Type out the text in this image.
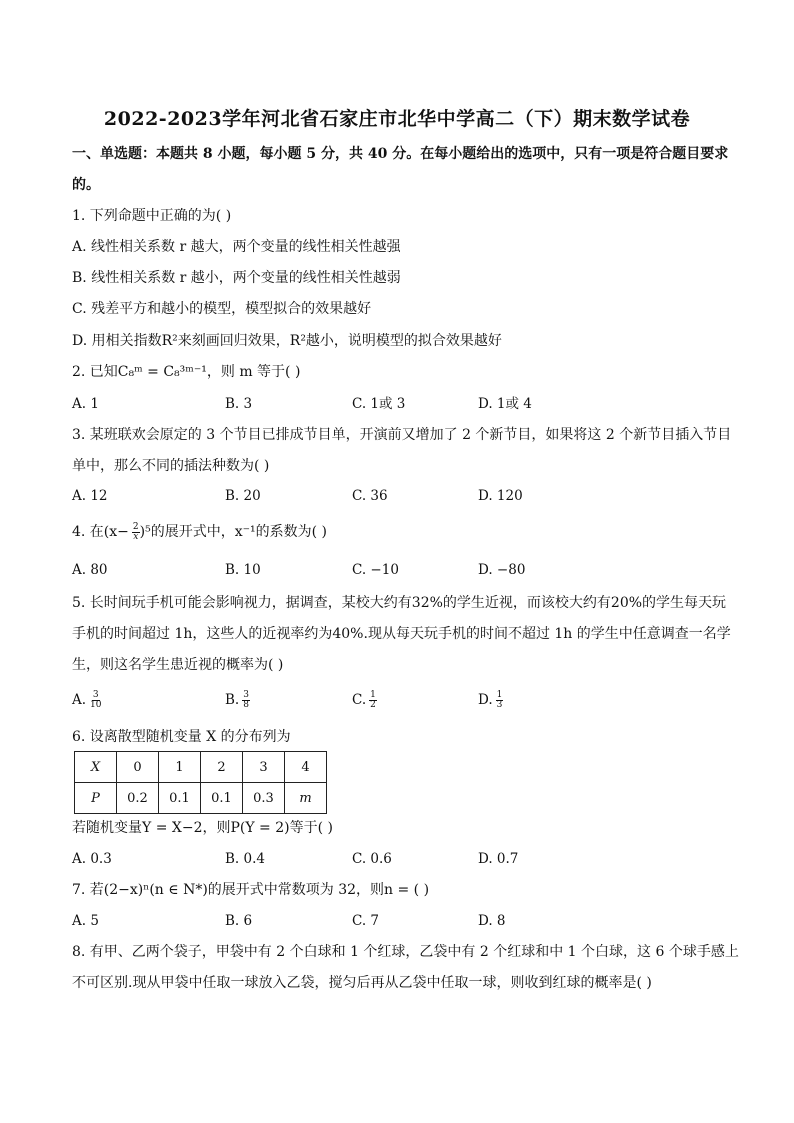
2022-2023学年河北省石家庄市北华中学高二（下）期末数学试卷
一、单选题：本题共 8 小题，每小题 5 分，共 40 分。在每小题给出的选项中，只有一项是符合题目要求
的。
1. 下列命题中正确的为( )
A. 线性相关系数 r 越大，两个变量的线性相关性越强
B. 线性相关系数 r 越小，两个变量的线性相关性越弱
C. 残差平方和越小的模型，模型拟合的效果越好
D. 用相关指数R²来刻画回归效果，R²越小，说明模型的拟合效果越好
2. 已知C₈ᵐ = C₈³ᵐ⁻¹，则 m 等于( )
A. 1	B. 3	C. 1或 3	D. 1或 4
3. 某班联欢会原定的 3 个节目已排成节目单，开演前又增加了 2 个新节目，如果将这 2 个新节目插入节目
单中，那么不同的插法种数为( )
A. 12	B. 20	C. 36	D. 120
4. 在$(x- \frac{2}{x} )^5$的展开式中，x⁻¹的系数为( )
A. 80	B. 10	C. −10	D. −80
5. 长时间玩手机可能会影响视力，据调查，某校大约有32%的学生近视，而该校大约有20%的学生每天玩
手机的时间超过 1h，这些人的近视率约为40%.现从每天玩手机的时间不超过 1h 的学生中任意调查一名学
生，则这名学生患近视的概率为( )
A. $\frac{3}{10}$	B. $\frac{3}{8}$	C. $\frac{1}{2}$	D. $\frac{1}{3}$
6. 设离散型随机变量 X 的分布列为
X	0	1	2	3	4
P	0.2	0.1	0.1	0.3	m
若随机变量Y = X−2，则P(Y = 2)等于( )
A. 0.3	B. 0.4	C. 0.6	D. 0.7
7. 若(2−x)ⁿ(n ∈ N*)的展开式中常数项为 32，则n = ( )
A. 5	B. 6	C. 7	D. 8
8. 有甲、乙两个袋子，甲袋中有 2 个白球和 1 个红球，乙袋中有 2 个红球和中 1 个白球，这 6 个球手感上
不可区别.现从甲袋中任取一球放入乙袋，搅匀后再从乙袋中任取一球，则收到红球的概率是( )
